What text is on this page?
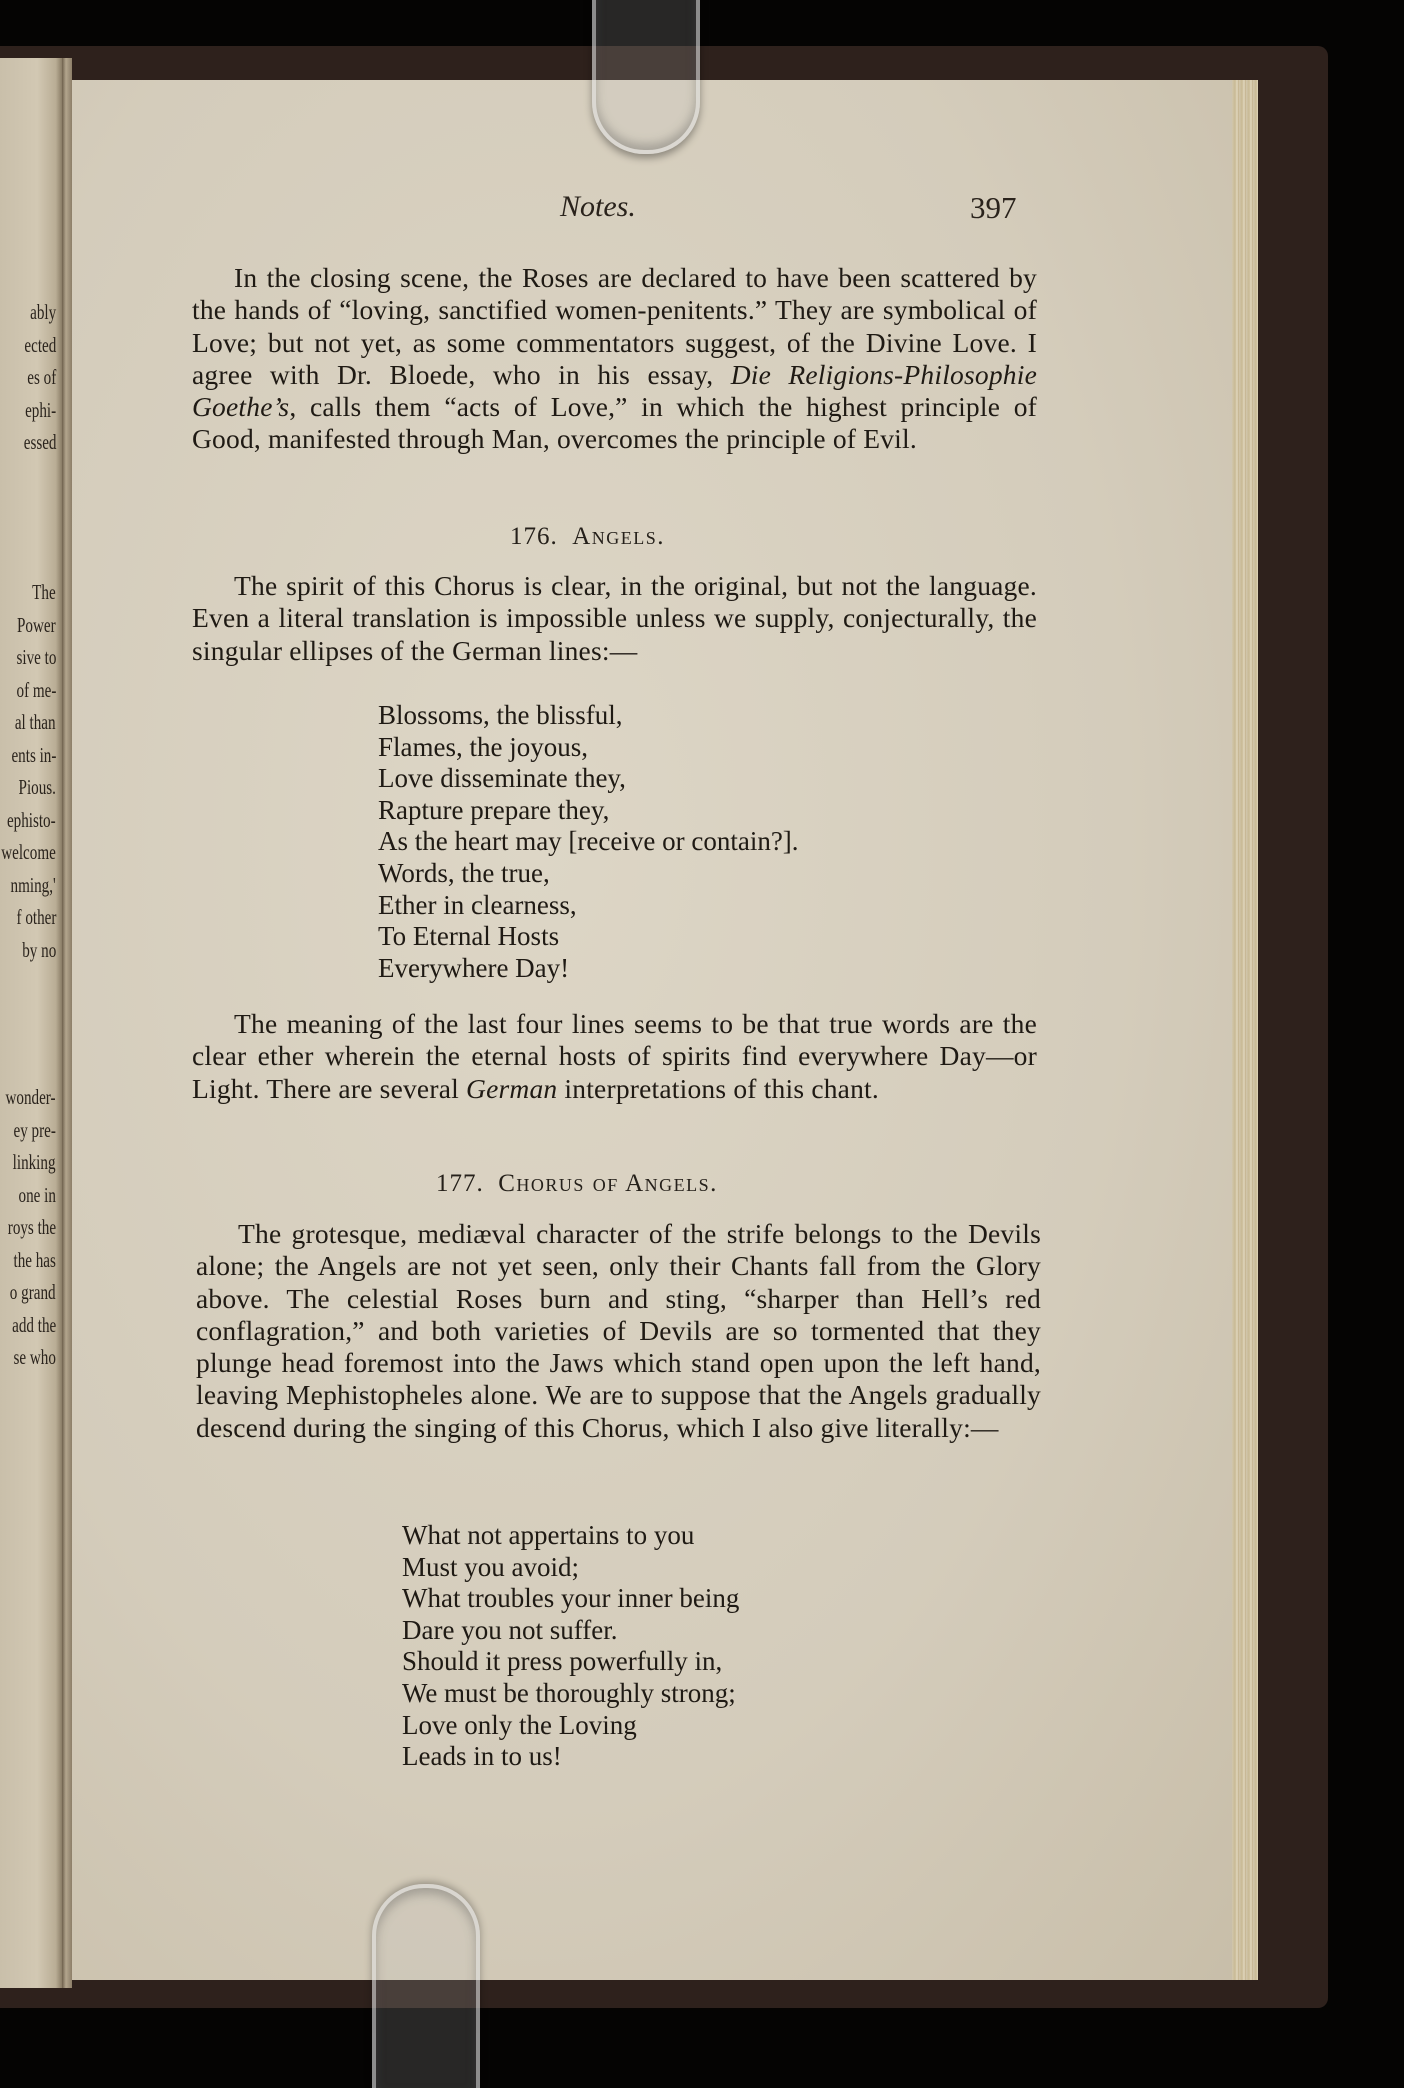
ably
ected
es of
ephi-
essed
The
Power
sive to
of me-
al than
ents in-
Pious.
ephisto-
welcome
nming,'
f other
by no
wonder-
ey pre-
linking
one in
roys the
the has
o grand
add the
se who
Notes.	397

In the closing scene, the Roses are declared to have been scattered by the hands of “loving, sanctified women-penitents.” They are symbolical of Love; but not yet, as some commentators suggest, of the Divine Love. I agree with Dr. Bloede, who in his essay, Die Religions-Philosophie Goethe’s, calls them “acts of Love,” in which the highest principle of Good, manifested through Man, overcomes the principle of Evil.

176. Angels.

The spirit of this Chorus is clear, in the original, but not the language. Even a literal translation is impossible unless we supply, conjecturally, the singular ellipses of the German lines:—

Blossoms, the blissful,
Flames, the joyous,
Love disseminate they,
Rapture prepare they,
As the heart may [receive or contain?].
Words, the true,
Ether in clearness,
To Eternal Hosts
Everywhere Day!

The meaning of the last four lines seems to be that true words are the clear ether wherein the eternal hosts of spirits find everywhere Day—or Light. There are several German interpretations of this chant.

177. Chorus of Angels.

The grotesque, mediæval character of the strife belongs to the Devils alone; the Angels are not yet seen, only their Chants fall from the Glory above. The celestial Roses burn and sting, “sharper than Hell’s red conflagration,” and both varieties of Devils are so tormented that they plunge head foremost into the Jaws which stand open upon the left hand, leaving Mephistopheles alone. We are to suppose that the Angels gradually descend during the singing of this Chorus, which I also give literally:—

What not appertains to you
Must you avoid;
What troubles your inner being
Dare you not suffer.
Should it press powerfully in,
We must be thoroughly strong;
Love only the Loving
Leads in to us!
